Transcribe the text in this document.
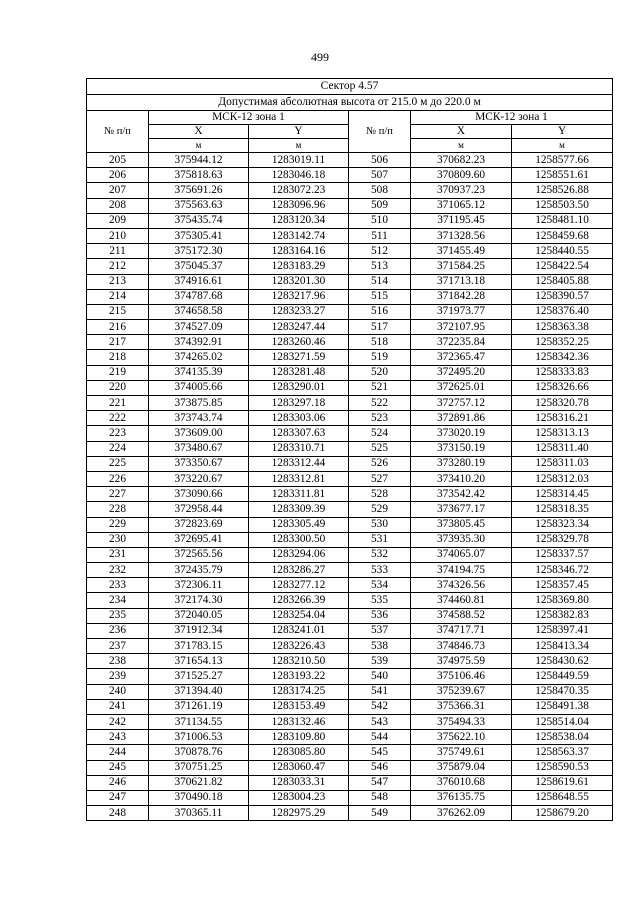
499
Сектор 4.57					
Допустимая абсолютная высота от 215.0 м до 220.0 м					
№ п/п	МСК-12 зона 1		№ п/п	МСК-12 зона 1	
	X	Y		X	Y
	м	м		м	м
205	375944.12	1283019.11	506	370682.23	1258577.66
206	375818.63	1283046.18	507	370809.60	1258551.61
207	375691.26	1283072.23	508	370937.23	1258526.88
208	375563.63	1283096.96	509	371065.12	1258503.50
209	375435.74	1283120.34	510	371195.45	1258481.10
210	375305.41	1283142.74	511	371328.56	1258459.68
211	375172.30	1283164.16	512	371455.49	1258440.55
212	375045.37	1283183.29	513	371584.25	1258422.54
213	374916.61	1283201.30	514	371713.18	1258405.88
214	374787.68	1283217.96	515	371842.28	1258390.57
215	374658.58	1283233.27	516	371973.77	1258376.40
216	374527.09	1283247.44	517	372107.95	1258363.38
217	374392.91	1283260.46	518	372235.84	1258352.25
218	374265.02	1283271.59	519	372365.47	1258342.36
219	374135.39	1283281.48	520	372495.20	1258333.83
220	374005.66	1283290.01	521	372625.01	1258326.66
221	373875.85	1283297.18	522	372757.12	1258320.78
222	373743.74	1283303.06	523	372891.86	1258316.21
223	373609.00	1283307.63	524	373020.19	1258313.13
224	373480.67	1283310.71	525	373150.19	1258311.40
225	373350.67	1283312.44	526	373280.19	1258311.03
226	373220.67	1283312.81	527	373410.20	1258312.03
227	373090.66	1283311.81	528	373542.42	1258314.45
228	372958.44	1283309.39	529	373677.17	1258318.35
229	372823.69	1283305.49	530	373805.45	1258323.34
230	372695.41	1283300.50	531	373935.30	1258329.78
231	372565.56	1283294.06	532	374065.07	1258337.57
232	372435.79	1283286.27	533	374194.75	1258346.72
233	372306.11	1283277.12	534	374326.56	1258357.45
234	372174.30	1283266.39	535	374460.81	1258369.80
235	372040.05	1283254.04	536	374588.52	1258382.83
236	371912.34	1283241.01	537	374717.71	1258397.41
237	371783.15	1283226.43	538	374846.73	1258413.34
238	371654.13	1283210.50	539	374975.59	1258430.62
239	371525.27	1283193.22	540	375106.46	1258449.59
240	371394.40	1283174.25	541	375239.67	1258470.35
241	371261.19	1283153.49	542	375366.31	1258491.38
242	371134.55	1283132.46	543	375494.33	1258514.04
243	371006.53	1283109.80	544	375622.10	1258538.04
244	370878.76	1283085.80	545	375749.61	1258563.37
245	370751.25	1283060.47	546	375879.04	1258590.53
246	370621.82	1283033.31	547	376010.68	1258619.61
247	370490.18	1283004.23	548	376135.75	1258648.55
248	370365.11	1282975.29	549	376262.09	1258679.20
